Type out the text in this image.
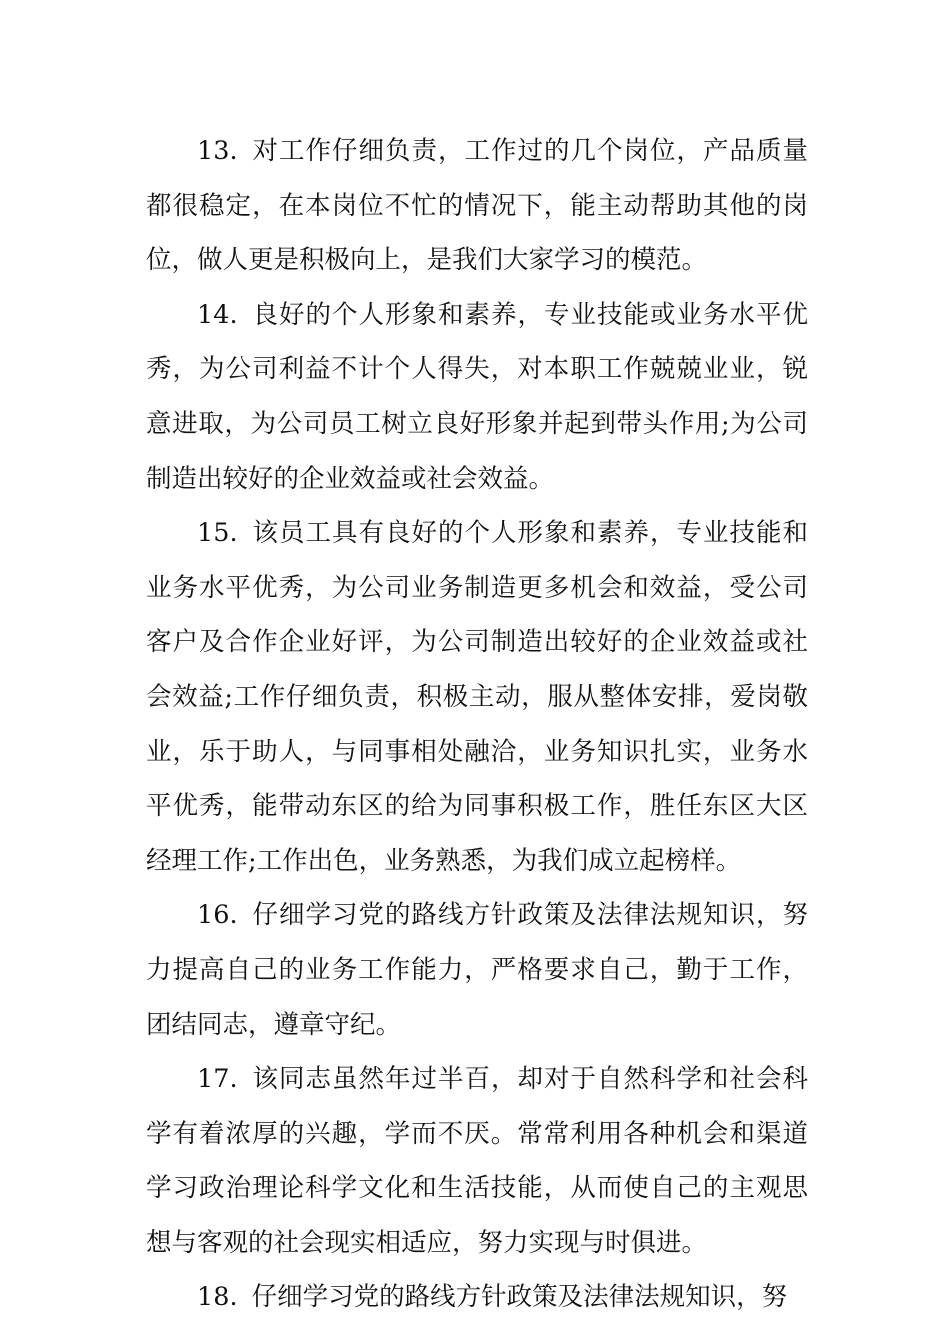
13. 对工作仔细负责，工作过的几个岗位，产品质量都很稳定，在本岗位不忙的情况下，能主动帮助其他的岗位，做人更是积极向上，是我们大家学习的模范。

14. 良好的个人形象和素养，专业技能或业务水平优秀，为公司利益不计个人得失，对本职工作兢兢业业，锐意进取，为公司员工树立良好形象并起到带头作用;为公司制造出较好的企业效益或社会效益。

15. 该员工具有良好的个人形象和素养，专业技能和业务水平优秀，为公司业务制造更多机会和效益，受公司客户及合作企业好评，为公司制造出较好的企业效益或社会效益;工作仔细负责，积极主动，服从整体安排，爱岗敬业，乐于助人，与同事相处融洽，业务知识扎实，业务水平优秀，能带动东区的给为同事积极工作，胜任东区大区经理工作;工作出色，业务熟悉，为我们成立起榜样。

16. 仔细学习党的路线方针政策及法律法规知识，努力提高自己的业务工作能力，严格要求自己，勤于工作，团结同志，遵章守纪。

17. 该同志虽然年过半百，却对于自然科学和社会科学有着浓厚的兴趣，学而不厌。常常利用各种机会和渠道学习政治理论科学文化和生活技能，从而使自己的主观思想与客观的社会现实相适应，努力实现与时俱进。

18. 仔细学习党的路线方针政策及法律法规知识，努
